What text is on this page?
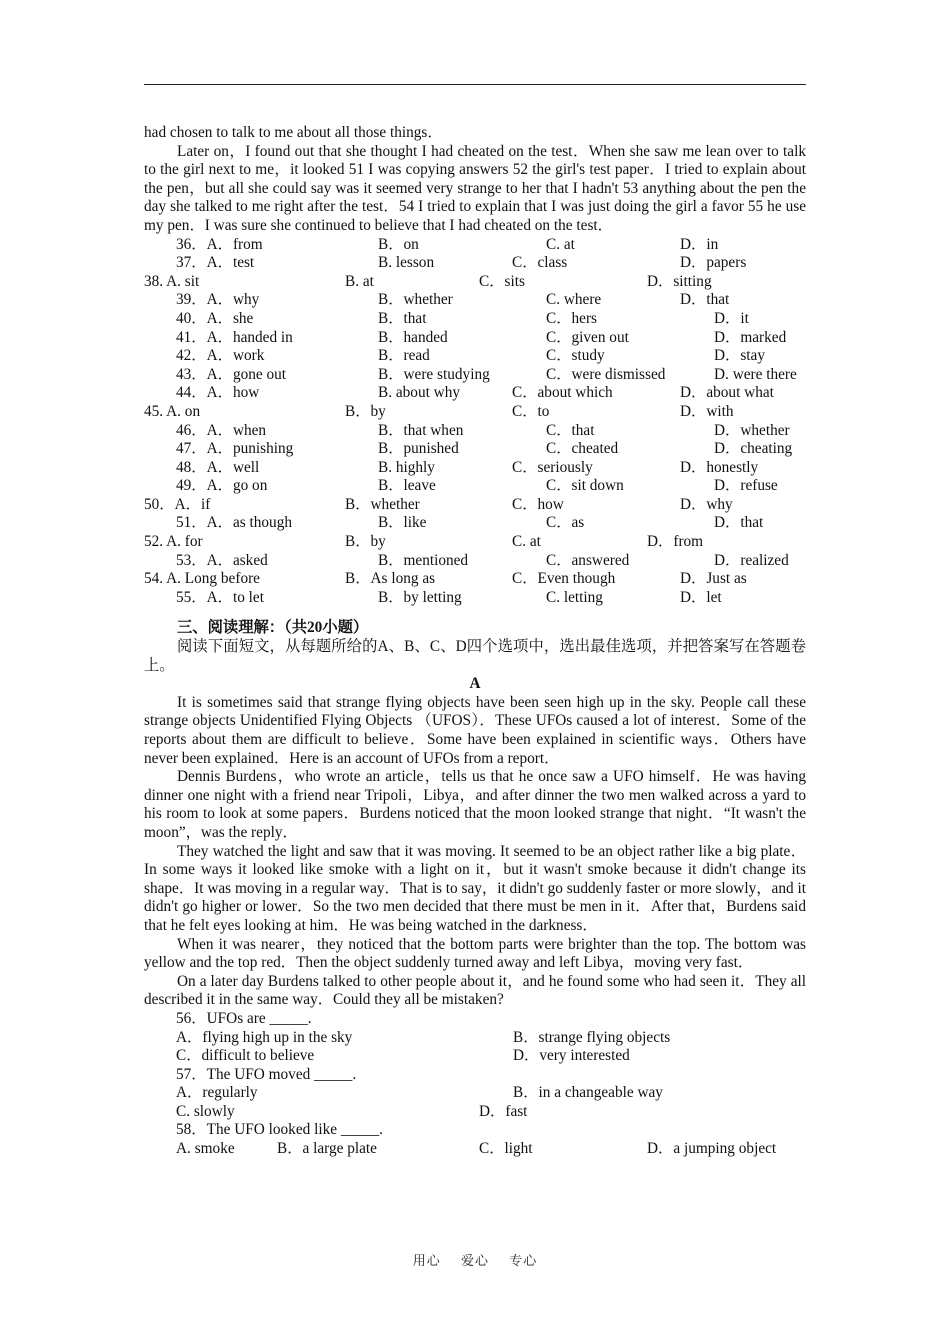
had chosen to talk to me about all those things．

Later on，I found out that she thought I had cheated on the test．When she saw me lean over to talk to the girl next to me，it looked 51 I was copying answers 52 the girl's test paper．I tried to explain about the pen，but all she could say was it seemed very strange to her that I hadn't 53 anything about the pen the day she talked to me right after the test．54 I tried to explain that I was just doing the girl a favor 55 he use my pen．I was sure she continued to believe that I had cheated on the test．

36．A．from	B．on	C. at	D．in
37．A．test	B. lesson	C．class	D．papers
38. A. sit	B. at	C．sits	D．sitting
39．A．why	B．whether	C. where	D．that
40．A．she	B．that	C．hers	D．it
41．A．handed in	B．handed	C．given out	D．marked
42．A．work	B．read	C．study	D．stay
43．A．gone out	B．were studying	C．were dismissed	D. were there
44．A．how	B. about why	C．about which	D．about what
45. A. on	B．by	C．to	D．with
46．A．when	B．that when	C．that	D．whether
47．A．punishing	B．punished	C．cheated	D．cheating
48．A．well	B. highly	C．seriously	D．honestly
49．A．go on	B．leave	C．sit down	D．refuse
50．A．if	B．whether	C．how	D．why
51．A．as though	B．like	C．as	D．that
52. A. for	B．by	C. at	D．from
53．A．asked	B．mentioned	C．answered	D．realized
54. A. Long before	B．As long as	C．Even though	D．Just as
55．A．to let	B．by letting	C. letting	D．let
三、阅读理解：（共20小题）

阅读下面短文，从每题所给的A、B、C、D四个选项中，选出最佳选项，并把答案写在答题卷上。

A

It is sometimes said that strange flying objects have been seen high up in the sky. People call these strange objects Unidentified Flying Objects （UFOS）．These UFOs caused a lot of interest．Some of the reports about them are difficult to believe．Some have been explained in scientific ways．Others have never been explained．Here is an account of UFOs from a report．

Dennis Burdens，who wrote an article，tells us that he once saw a UFO himself．He was having dinner one night with a friend near Tripoli，Libya，and after dinner the two men walked across a yard to his room to look at some papers．Burdens noticed that the moon looked strange that night．“It wasn't the moon”，was the reply．

They watched the light and saw that it was moving. It seemed to be an object rather like a big plate．In some ways it looked like smoke with a light on it，but it wasn't smoke because it didn't change its shape．It was moving in a regular way．That is to say，it didn't go suddenly faster or more slowly，and it didn't go higher or lower．So the two men decided that there must be men in it．After that，Burdens said that he felt eyes looking at him．He was being watched in the darkness．

When it was nearer，they noticed that the bottom parts were brighter than the top. The bottom was yellow and the top red．Then the object suddenly turned away and left Libya，moving very fast．

On a later day Burdens talked to other people about it，and he found some who had seen it．They all described it in the same way．Could they all be mistaken?

56．UFOs are _____.
A．flying high up in the sky	B．strange flying objects
C．difficult to believe	D．very interested
57．The UFO moved _____.
A．regularly	B．in a changeable way
C. slowly	D．fast
58．The UFO looked like _____.
A. smoke	B．a large plate	C．light	D．a jumping object
用心 爱心 专心
